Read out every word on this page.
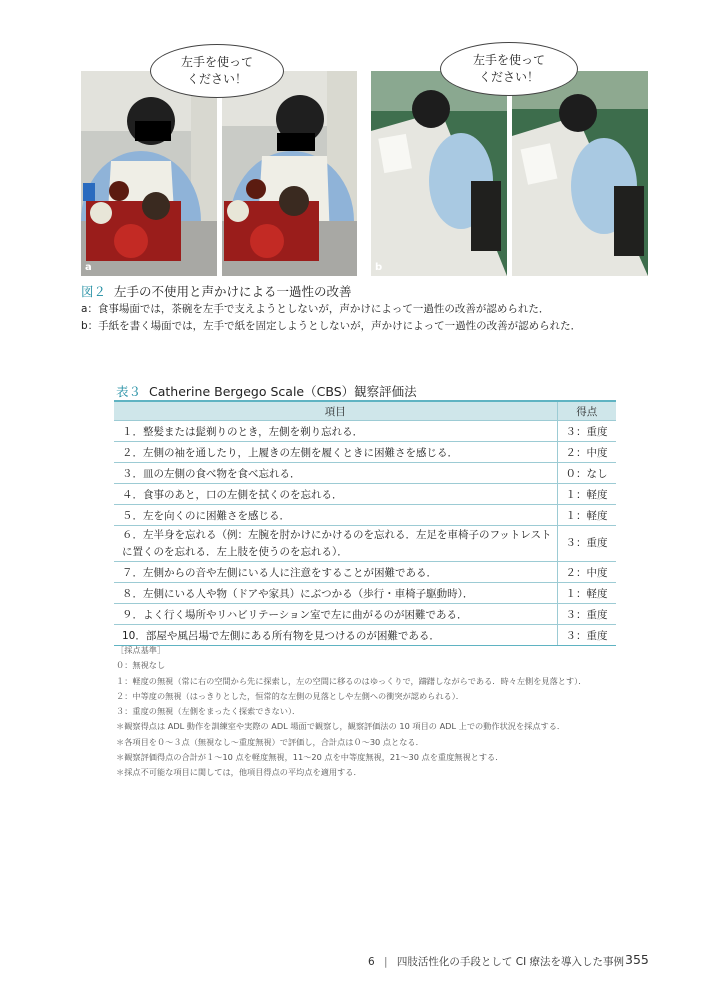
a
左手を使って
ください！
b
左手を使って
ください！
図２ 左手の不使用と声かけによる一過性の改善
a：食事場面では，茶碗を左手で支えようとしないが，声かけによって一過性の改善が認められた．
b：手紙を書く場面では，左手で紙を固定しようとしないが，声かけによって一過性の改善が認められた．
表３ Catherine Bergego Scale（CBS）観察評価法
項目	得点
１．整髪または髭剃りのとき，左側を剃り忘れる．	３：重度
２．左側の袖を通したり，上履きの左側を履くときに困難さを感じる．	２：中度
３．皿の左側の食べ物を食べ忘れる．	０：なし
４．食事のあと，口の左側を拭くのを忘れる．	１：軽度
５．左を向くのに困難さを感じる．	１：軽度
６．左半身を忘れる（例：左腕を肘かけにかけるのを忘れる．左足を車椅子のフットレスト
に置くのを忘れる．左上肢を使うのを忘れる）．	３：重度
７．左側からの音や左側にいる人に注意をすることが困難である．	２：中度
８．左側にいる人や物（ドアや家具）にぶつかる（歩行・車椅子駆動時）．	１：軽度
９．よく行く場所やリハビリテーション室で左に曲がるのが困難である．	３：重度
10．部屋や風呂場で左側にある所有物を見つけるのが困難である．	３：重度
［採点基準］
０：無視なし
１：軽度の無視（常に右の空間から先に探索し，左の空間に移るのはゆっくりで，躊躇しながらである．時々左側を見落とす）．
２：中等度の無視（はっきりとした，恒常的な左側の見落としや左側への衝突が認められる）．
３：重度の無視（左側をまったく探索できない）．
＊観察得点は ADL 動作を訓練室や実際の ADL 場面で観察し，観察評価法の 10 項目の ADL 上での動作状況を採点する．
＊各項目を０〜３点（無視なし〜重度無視）で評価し，合計点は０〜30 点となる．
＊観察評価得点の合計が１〜10 点を軽度無視，11〜20 点を中等度無視，21〜30 点を重度無視とする．
＊採点不可能な項目に関しては，他項目得点の平均点を適用する．
6 | 四肢活性化の手段として CI 療法を導入した事例 355
